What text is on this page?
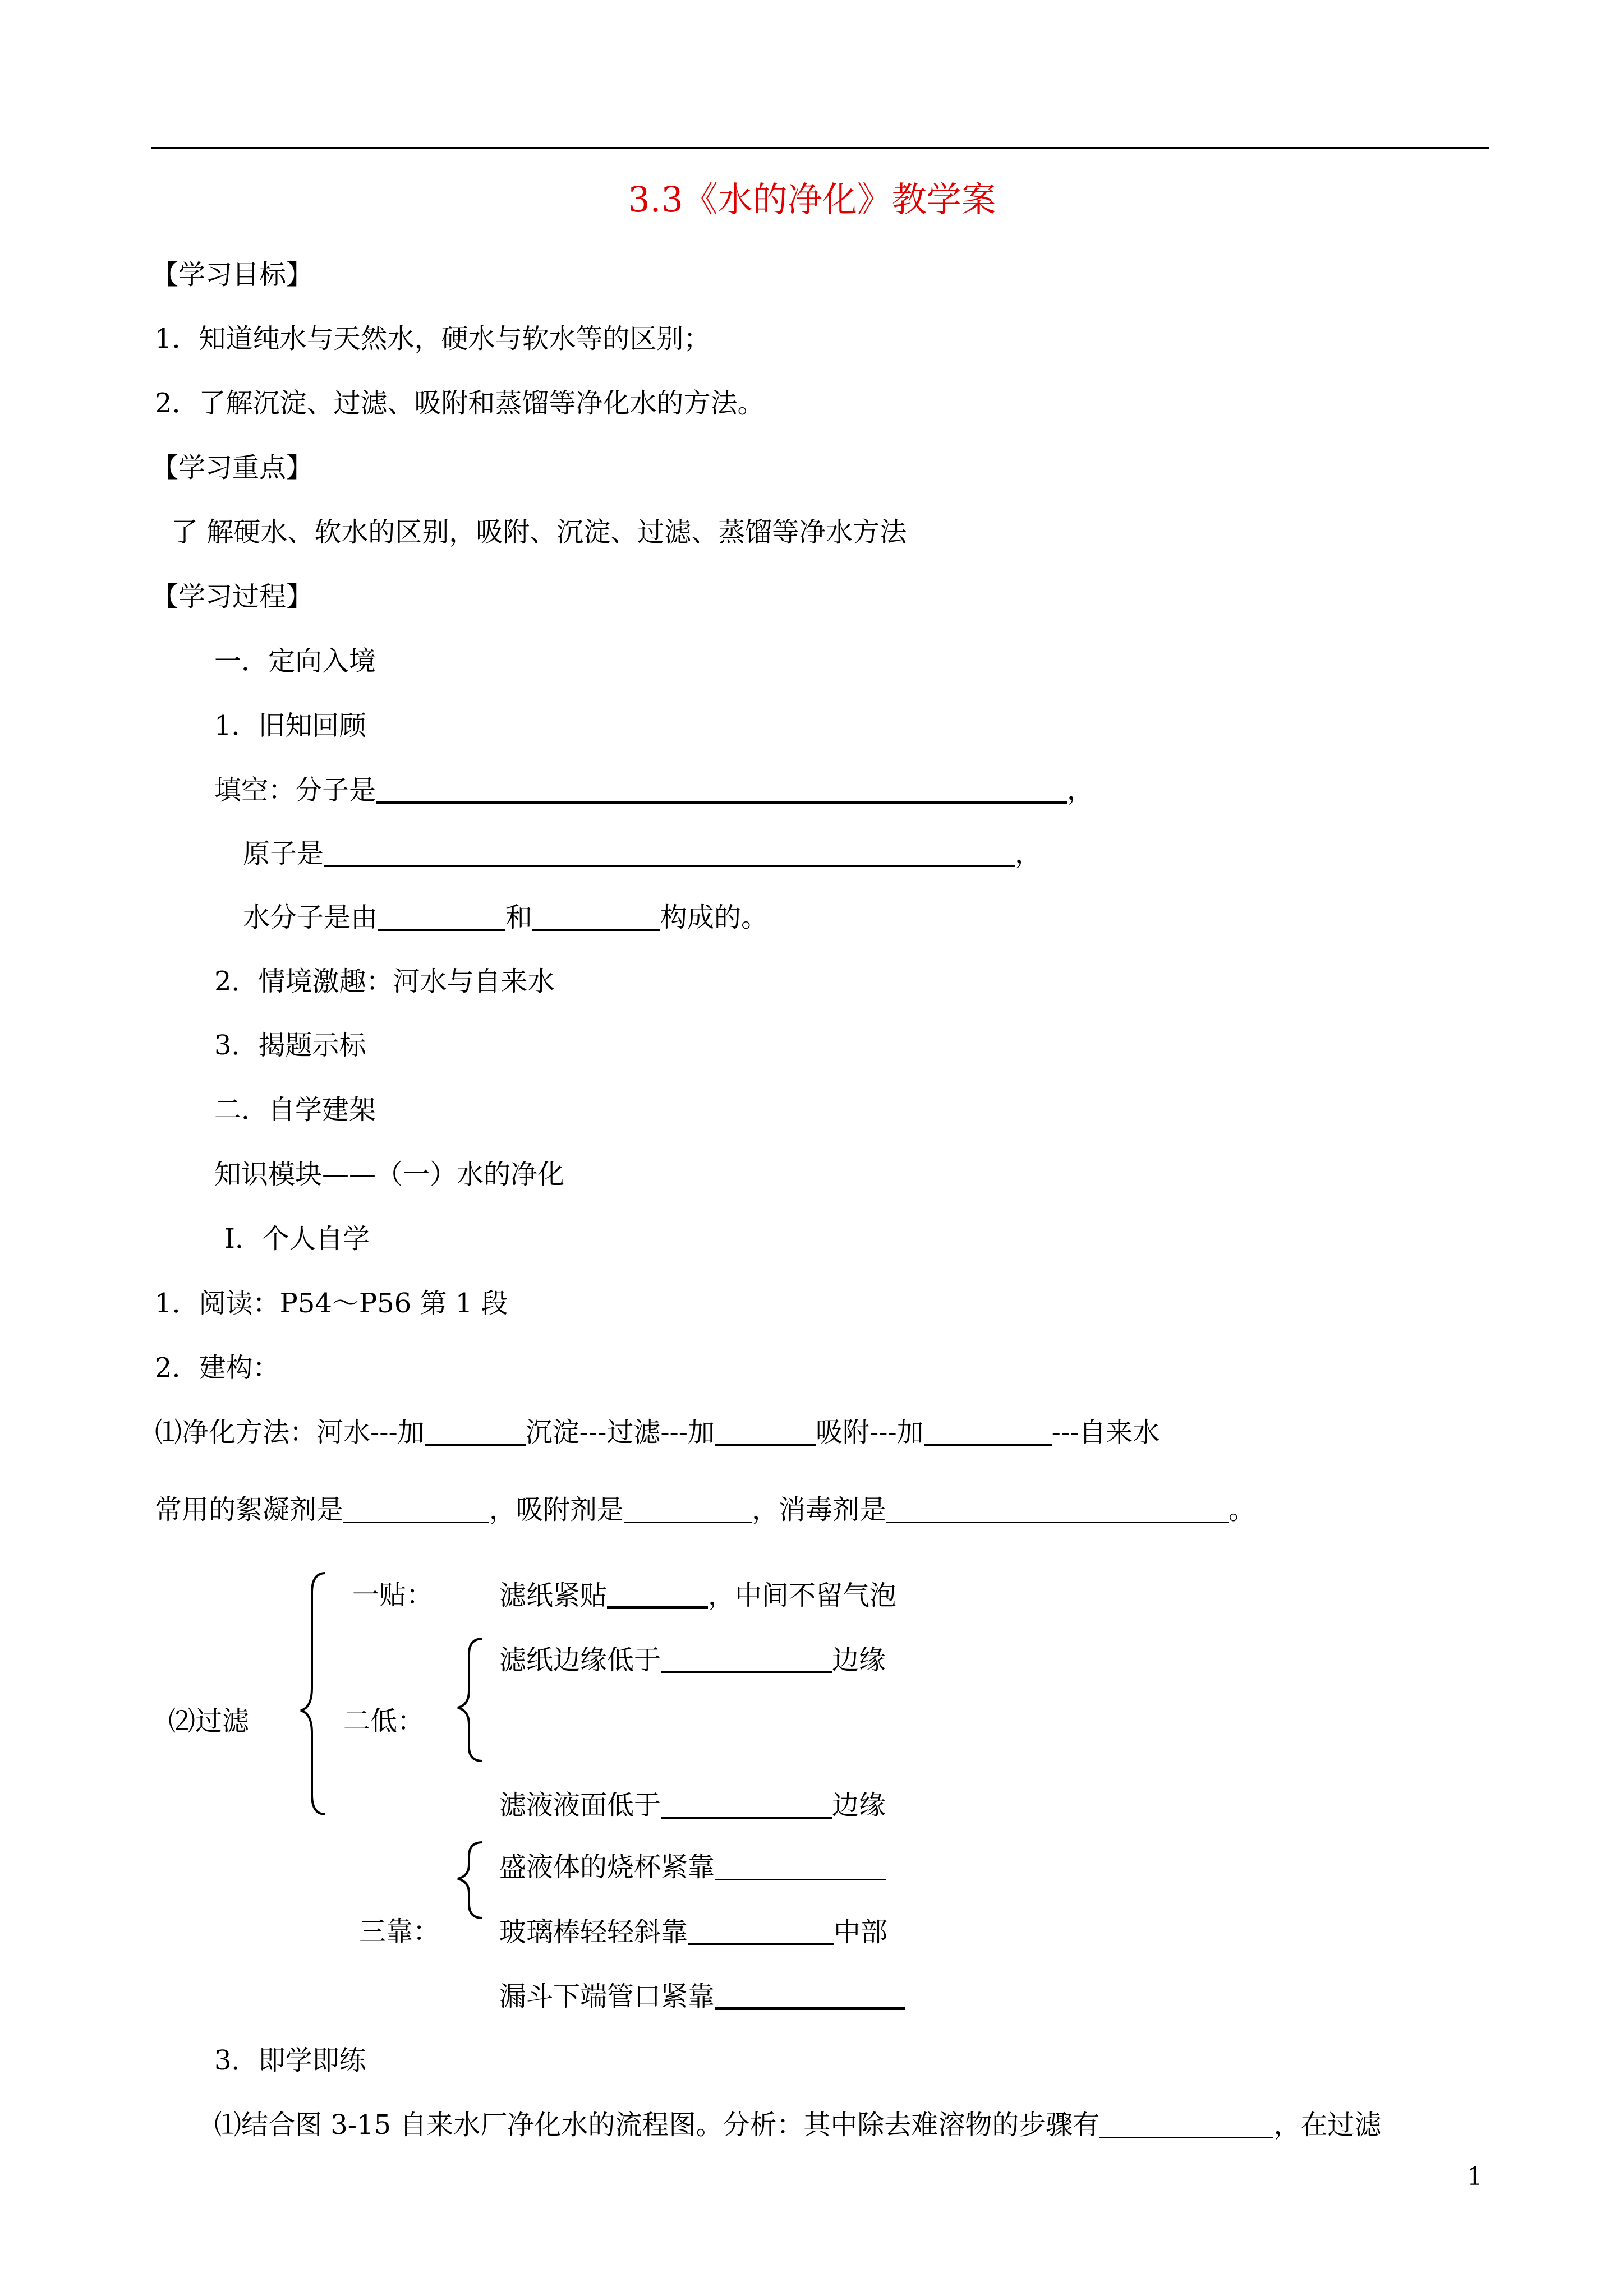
3.3《水的净化》教学案
【学习目标】
1．知道纯水与天然水，硬水与软水等的区别；
2．了解沉淀、过滤、吸附和蒸馏等净化水的方法。
【学习重点】
了 解硬水、软水的区别，吸附、沉淀、过滤、蒸馏等净水方法
【学习过程】
一．定向入境
1．旧知回顾
填空：分子是	，
原子是	，
水分子是由	和	构成的。
2．情境激趣：河水与自来水
3．揭题示标
二．自学建架
知识模块——（一）水的净化
Ⅰ．个人自学
1．阅读：P54～P56 第 1 段
2．建构：
⑴净化方法：河水---加	沉淀---过滤---加	吸附---加	---自来水
常用的絮凝剂是	，吸附剂是	，消毒剂是	。
⑵过滤
一贴： 滤纸紧贴	，中间不留气泡
滤纸边缘低于	边缘
二低：
滤液液面低于	边缘
盛液体的烧杯紧靠
三靠： 玻璃棒轻轻斜靠	中部
漏斗下端管口紧靠
3．即学即练
⑴结合图 3-15 自来水厂净化水的流程图。分析：其中除去难溶物的步骤有	，在过滤
1
